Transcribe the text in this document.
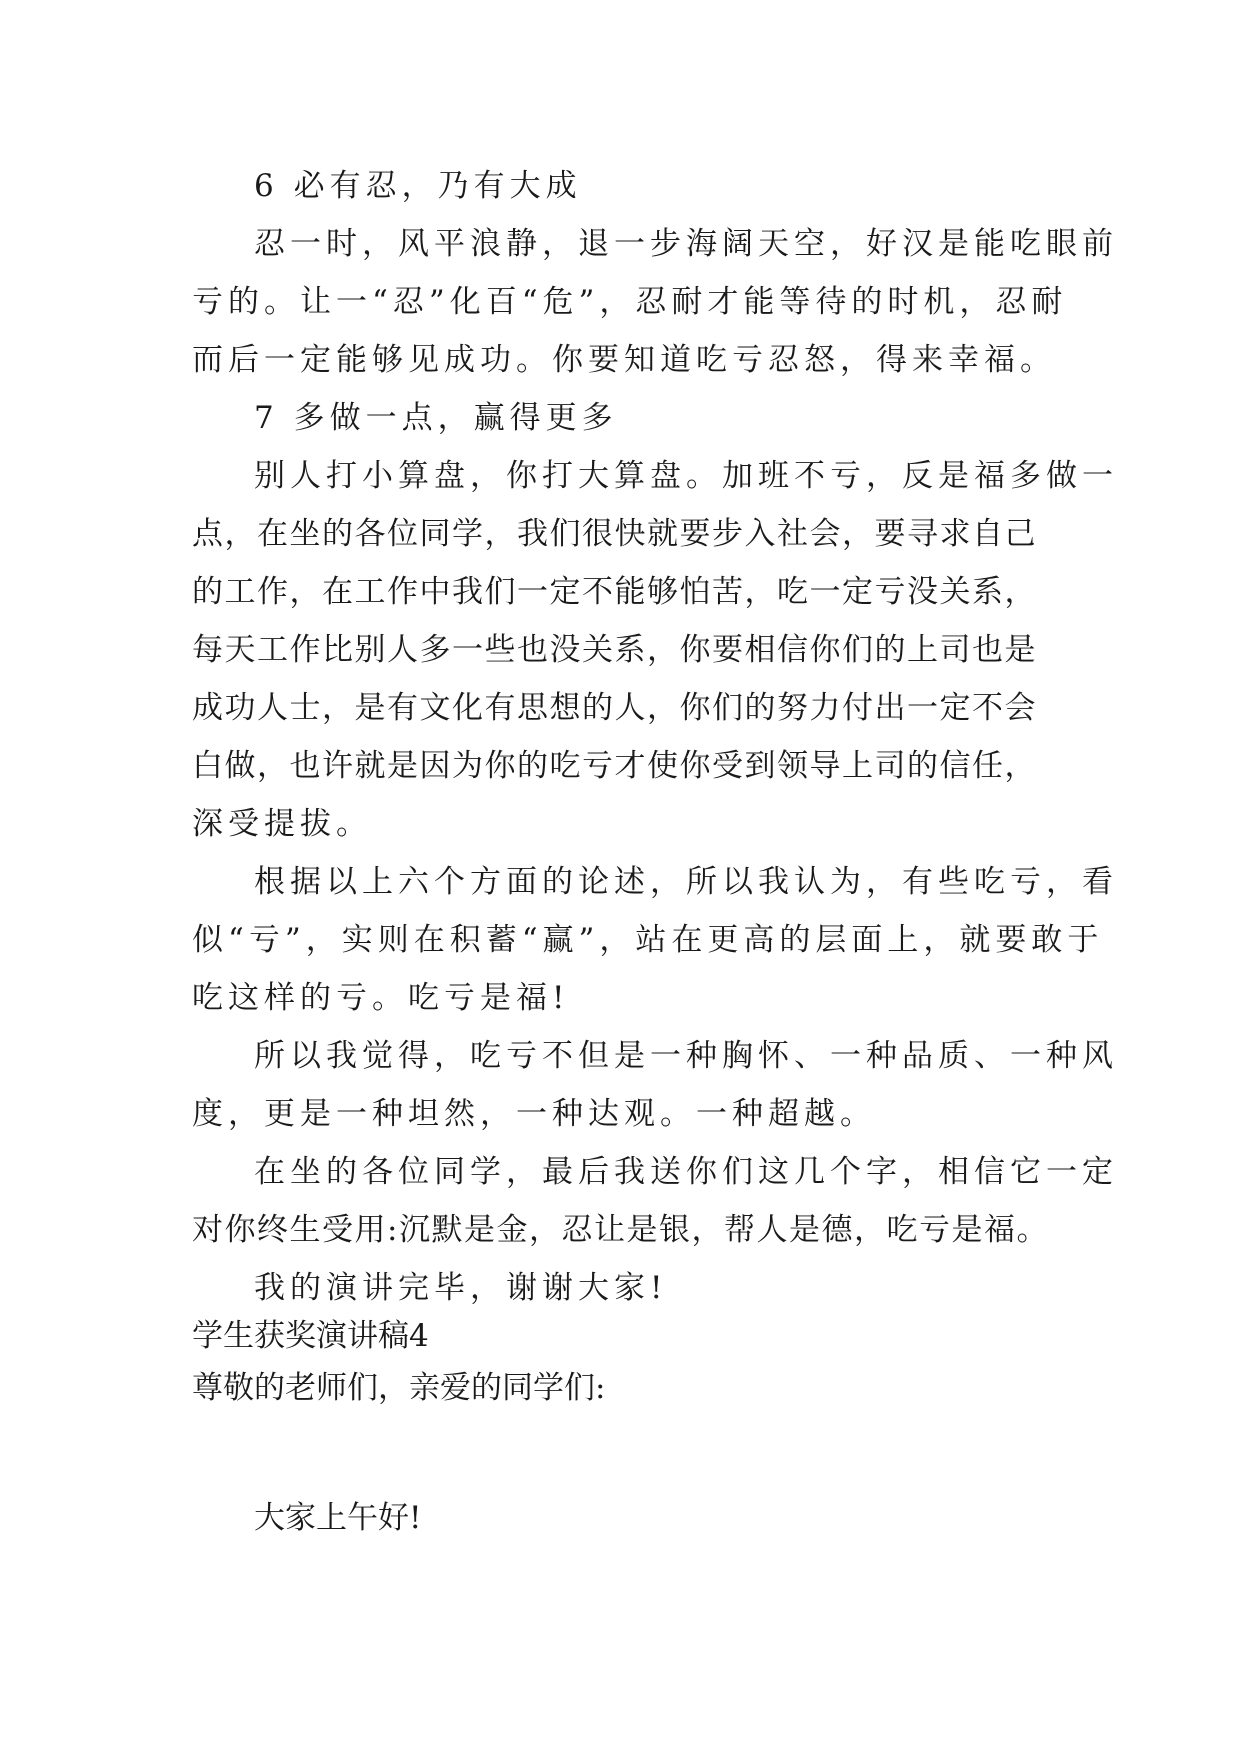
6 必有忍，乃有大成

忍一时，风平浪静，退一步海阔天空，好汉是能吃眼前

亏的。让一“忍”化百“危”，忍耐才能等待的时机，忍耐

而后一定能够见成功。你要知道吃亏忍怒，得来幸福。

7 多做一点，赢得更多

别人打小算盘，你打大算盘。加班不亏，反是福多做一

点，在坐的各位同学，我们很快就要步入社会，要寻求自己

的工作，在工作中我们一定不能够怕苦，吃一定亏没关系，

每天工作比别人多一些也没关系，你要相信你们的上司也是

成功人士，是有文化有思想的人，你们的努力付出一定不会

白做，也许就是因为你的吃亏才使你受到领导上司的信任，

深受提拔。

根据以上六个方面的论述，所以我认为，有些吃亏，看

似“亏”，实则在积蓄“赢”，站在更高的层面上，就要敢于

吃这样的亏。吃亏是福!

所以我觉得，吃亏不但是一种胸怀、一种品质、一种风

度，更是一种坦然，一种达观。一种超越。

在坐的各位同学，最后我送你们这几个字，相信它一定

对你终生受用:沉默是金，忍让是银，帮人是德，吃亏是福。

我的演讲完毕，谢谢大家!

学生获奖演讲稿4

尊敬的老师们，亲爱的同学们:

大家上午好!
